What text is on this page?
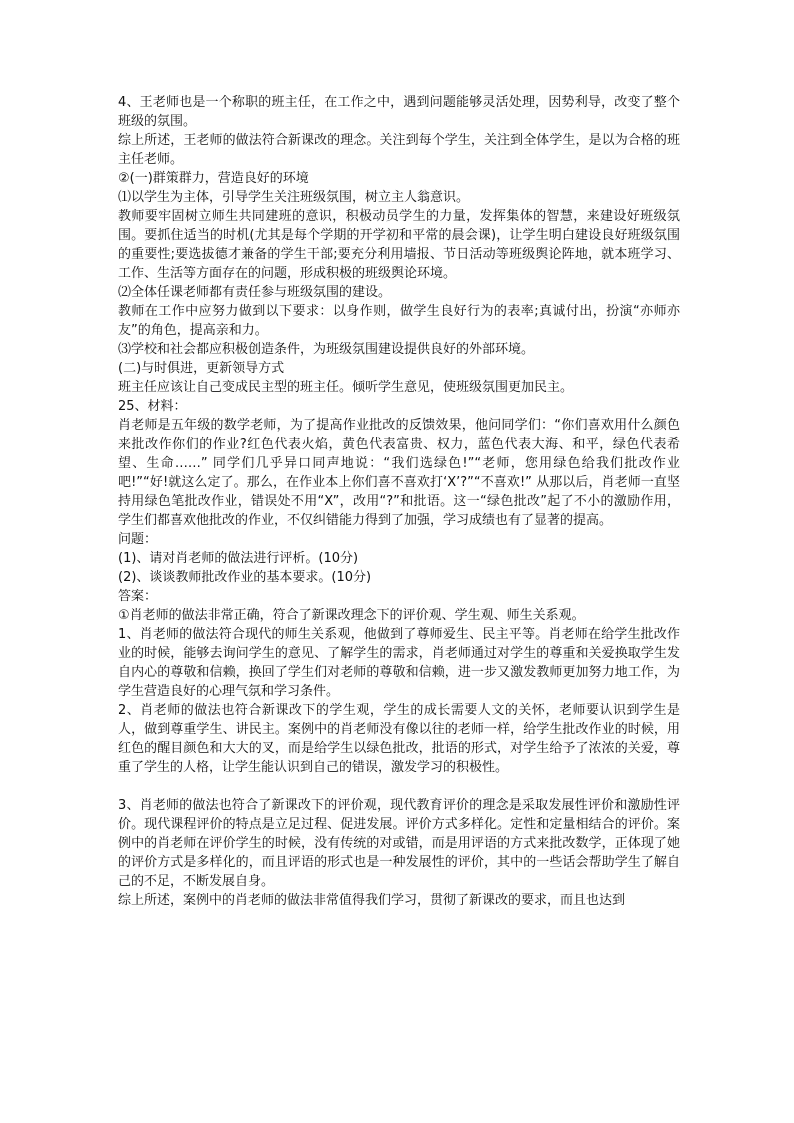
4、王老师也是一个称职的班主任，在工作之中，遇到问题能够灵活处理，因势利导，改变了整个班级的氛围。

综上所述，王老师的做法符合新课改的理念。关注到每个学生，关注到全体学生，是以为合格的班主任老师。

②(一)群策群力，营造良好的环境

⑴以学生为主体，引导学生关注班级氛围，树立主人翁意识。

教师要牢固树立师生共同建班的意识，积极动员学生的力量，发挥集体的智慧，来建设好班级氛围。要抓住适当的时机(尤其是每个学期的开学初和平常的晨会课)，让学生明白建设良好班级氛围的重要性;要选拔德才兼备的学生干部;要充分利用墙报、节日活动等班级舆论阵地，就本班学习、工作、生活等方面存在的问题，形成积极的班级舆论环境。

⑵全体任课老师都有责任参与班级氛围的建设。

教师在工作中应努力做到以下要求：以身作则，做学生良好行为的表率;真诚付出，扮演“亦师亦友”的角色，提高亲和力。

⑶学校和社会都应积极创造条件，为班级氛围建设提供良好的外部环境。

(二)与时俱进，更新领导方式

班主任应该让自己变成民主型的班主任。倾听学生意见，使班级氛围更加民主。

25、材料：

肖老师是五年级的数学老师，为了提高作业批改的反馈效果，他问同学们：“你们喜欢用什么颜色来批改作你们的作业?红色代表火焰，黄色代表富贵、权力，蓝色代表大海、和平，绿色代表希望、生命……” 同学们几乎异口同声地说：“我们选绿色!”“老师，您用绿色给我们批改作业吧!”“好!就这么定了。那么，在作业本上你们喜不喜欢打‘X’?”“不喜欢!” 从那以后，肖老师一直坚持用绿色笔批改作业，错误处不用“X”，改用“?”和批语。这一“绿色批改”起了不小的激励作用，学生们都喜欢他批改的作业，不仅纠错能力得到了加强，学习成绩也有了显著的提高。

问题：

(1)、请对肖老师的做法进行评析。(10分)

(2)、谈谈教师批改作业的基本要求。(10分)

答案：

①肖老师的做法非常正确，符合了新课改理念下的评价观、学生观、师生关系观。

1、肖老师的做法符合现代的师生关系观，他做到了尊师爱生、民主平等。肖老师在给学生批改作业的时候，能够去询问学生的意见、了解学生的需求，肖老师通过对学生的尊重和关爱换取学生发自内心的尊敬和信赖，换回了学生们对老师的尊敬和信赖，进一步又激发教师更加努力地工作，为学生营造良好的心理气氛和学习条件。

2、肖老师的做法也符合新课改下的学生观，学生的成长需要人文的关怀，老师要认识到学生是人，做到尊重学生、讲民主。案例中的肖老师没有像以往的老师一样，给学生批改作业的时候，用红色的醒目颜色和大大的叉，而是给学生以绿色批改，批语的形式，对学生给予了浓浓的关爱，尊重了学生的人格，让学生能认识到自己的错误，激发学习的积极性。

3、肖老师的做法也符合了新课改下的评价观，现代教育评价的理念是采取发展性评价和激励性评价。现代课程评价的特点是立足过程、促进发展。评价方式多样化。定性和定量相结合的评价。案例中的肖老师在评价学生的时候，没有传统的对或错，而是用评语的方式来批改数学，正体现了她的评价方式是多样化的，而且评语的形式也是一种发展性的评价，其中的一些话会帮助学生了解自己的不足，不断发展自身。

综上所述，案例中的肖老师的做法非常值得我们学习，贯彻了新课改的要求，而且也达到
